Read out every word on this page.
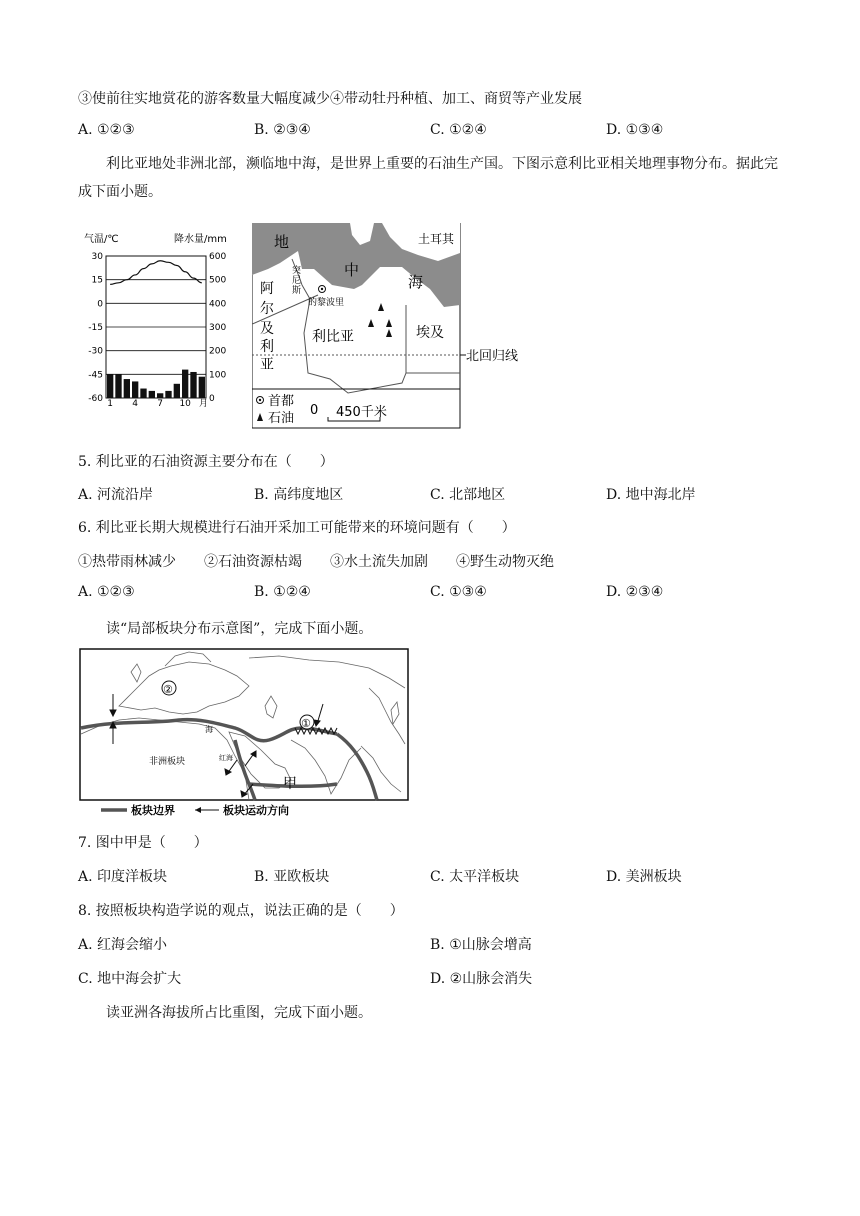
③使前往实地赏花的游客数量大幅度减少④带动牡丹种植、加工、商贸等产业发展
A. ①②③	B. ②③④	C. ①②④	D. ①③④
利比亚地处非洲北部，濒临地中海，是世界上重要的石油生产国。下图示意利比亚相关地理事物分布。据此完成下面小题。
气温/℃	降水量/mm
30
15
0
-15
-30
-45
-60
600
500
400
300
200
100
0
1 4 7 10 月
地
中
海
土耳其
突
尼
斯
的黎波里
阿
尔
及
利
亚
利比亚	埃及
北回归线
首都
石油
0 450千米
5. 利比亚的石油资源主要分布在（　　）
A. 河流沿岸	B. 高纬度地区	C. 北部地区	D. 地中海北岸
6. 利比亚长期大规模进行石油开采加工可能带来的环境问题有（　　）
①热带雨林减少　　②石油资源枯竭　　③水土流失加剧　　④野生动物灭绝
A. ①②③	B. ①②④	C. ①③④	D. ②③④
读“局部板块分布示意图”，完成下面小题。
②
①
海
非洲板块	红海
甲
板块边界	板块运动方向
7. 图中甲是（　　）
A. 印度洋板块	B. 亚欧板块	C. 太平洋板块	D. 美洲板块
8. 按照板块构造学说的观点，说法正确的是（　　）
A. 红海会缩小	B. ①山脉会增高
C. 地中海会扩大	D. ②山脉会消失
读亚洲各海拔所占比重图，完成下面小题。
